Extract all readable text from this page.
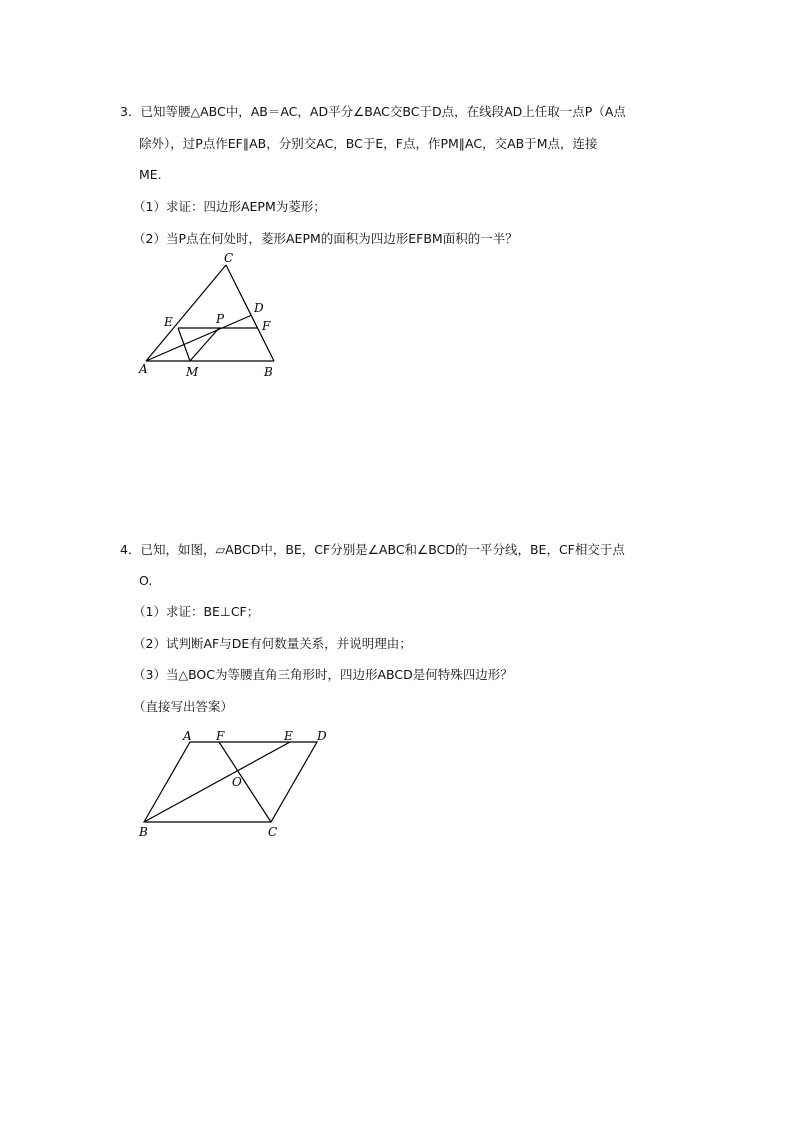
3．已知等腰△ABC中，AB＝AC，AD平分∠BAC交BC于D点，在线段AD上任取一点P（A点
除外），过P点作EF∥AB，分别交AC，BC于E，F点，作PM∥AC，交AB于M点，连接
ME.
（1）求证：四边形AEPM为菱形；
（2）当P点在何处时，菱形AEPM的面积为四边形EFBM面积的一半？
C
D
E	P	F
A	M	B
4．已知，如图，▱ABCD中，BE，CF分别是∠ABC和∠BCD的一平分线，BE，CF相交于点
O.
（1）求证：BE⊥CF；
（2）试判断AF与DE有何数量关系，并说明理由；
（3）当△BOC为等腰直角三角形时，四边形ABCD是何特殊四边形？
（直接写出答案）
A F	E D
O
B	C
